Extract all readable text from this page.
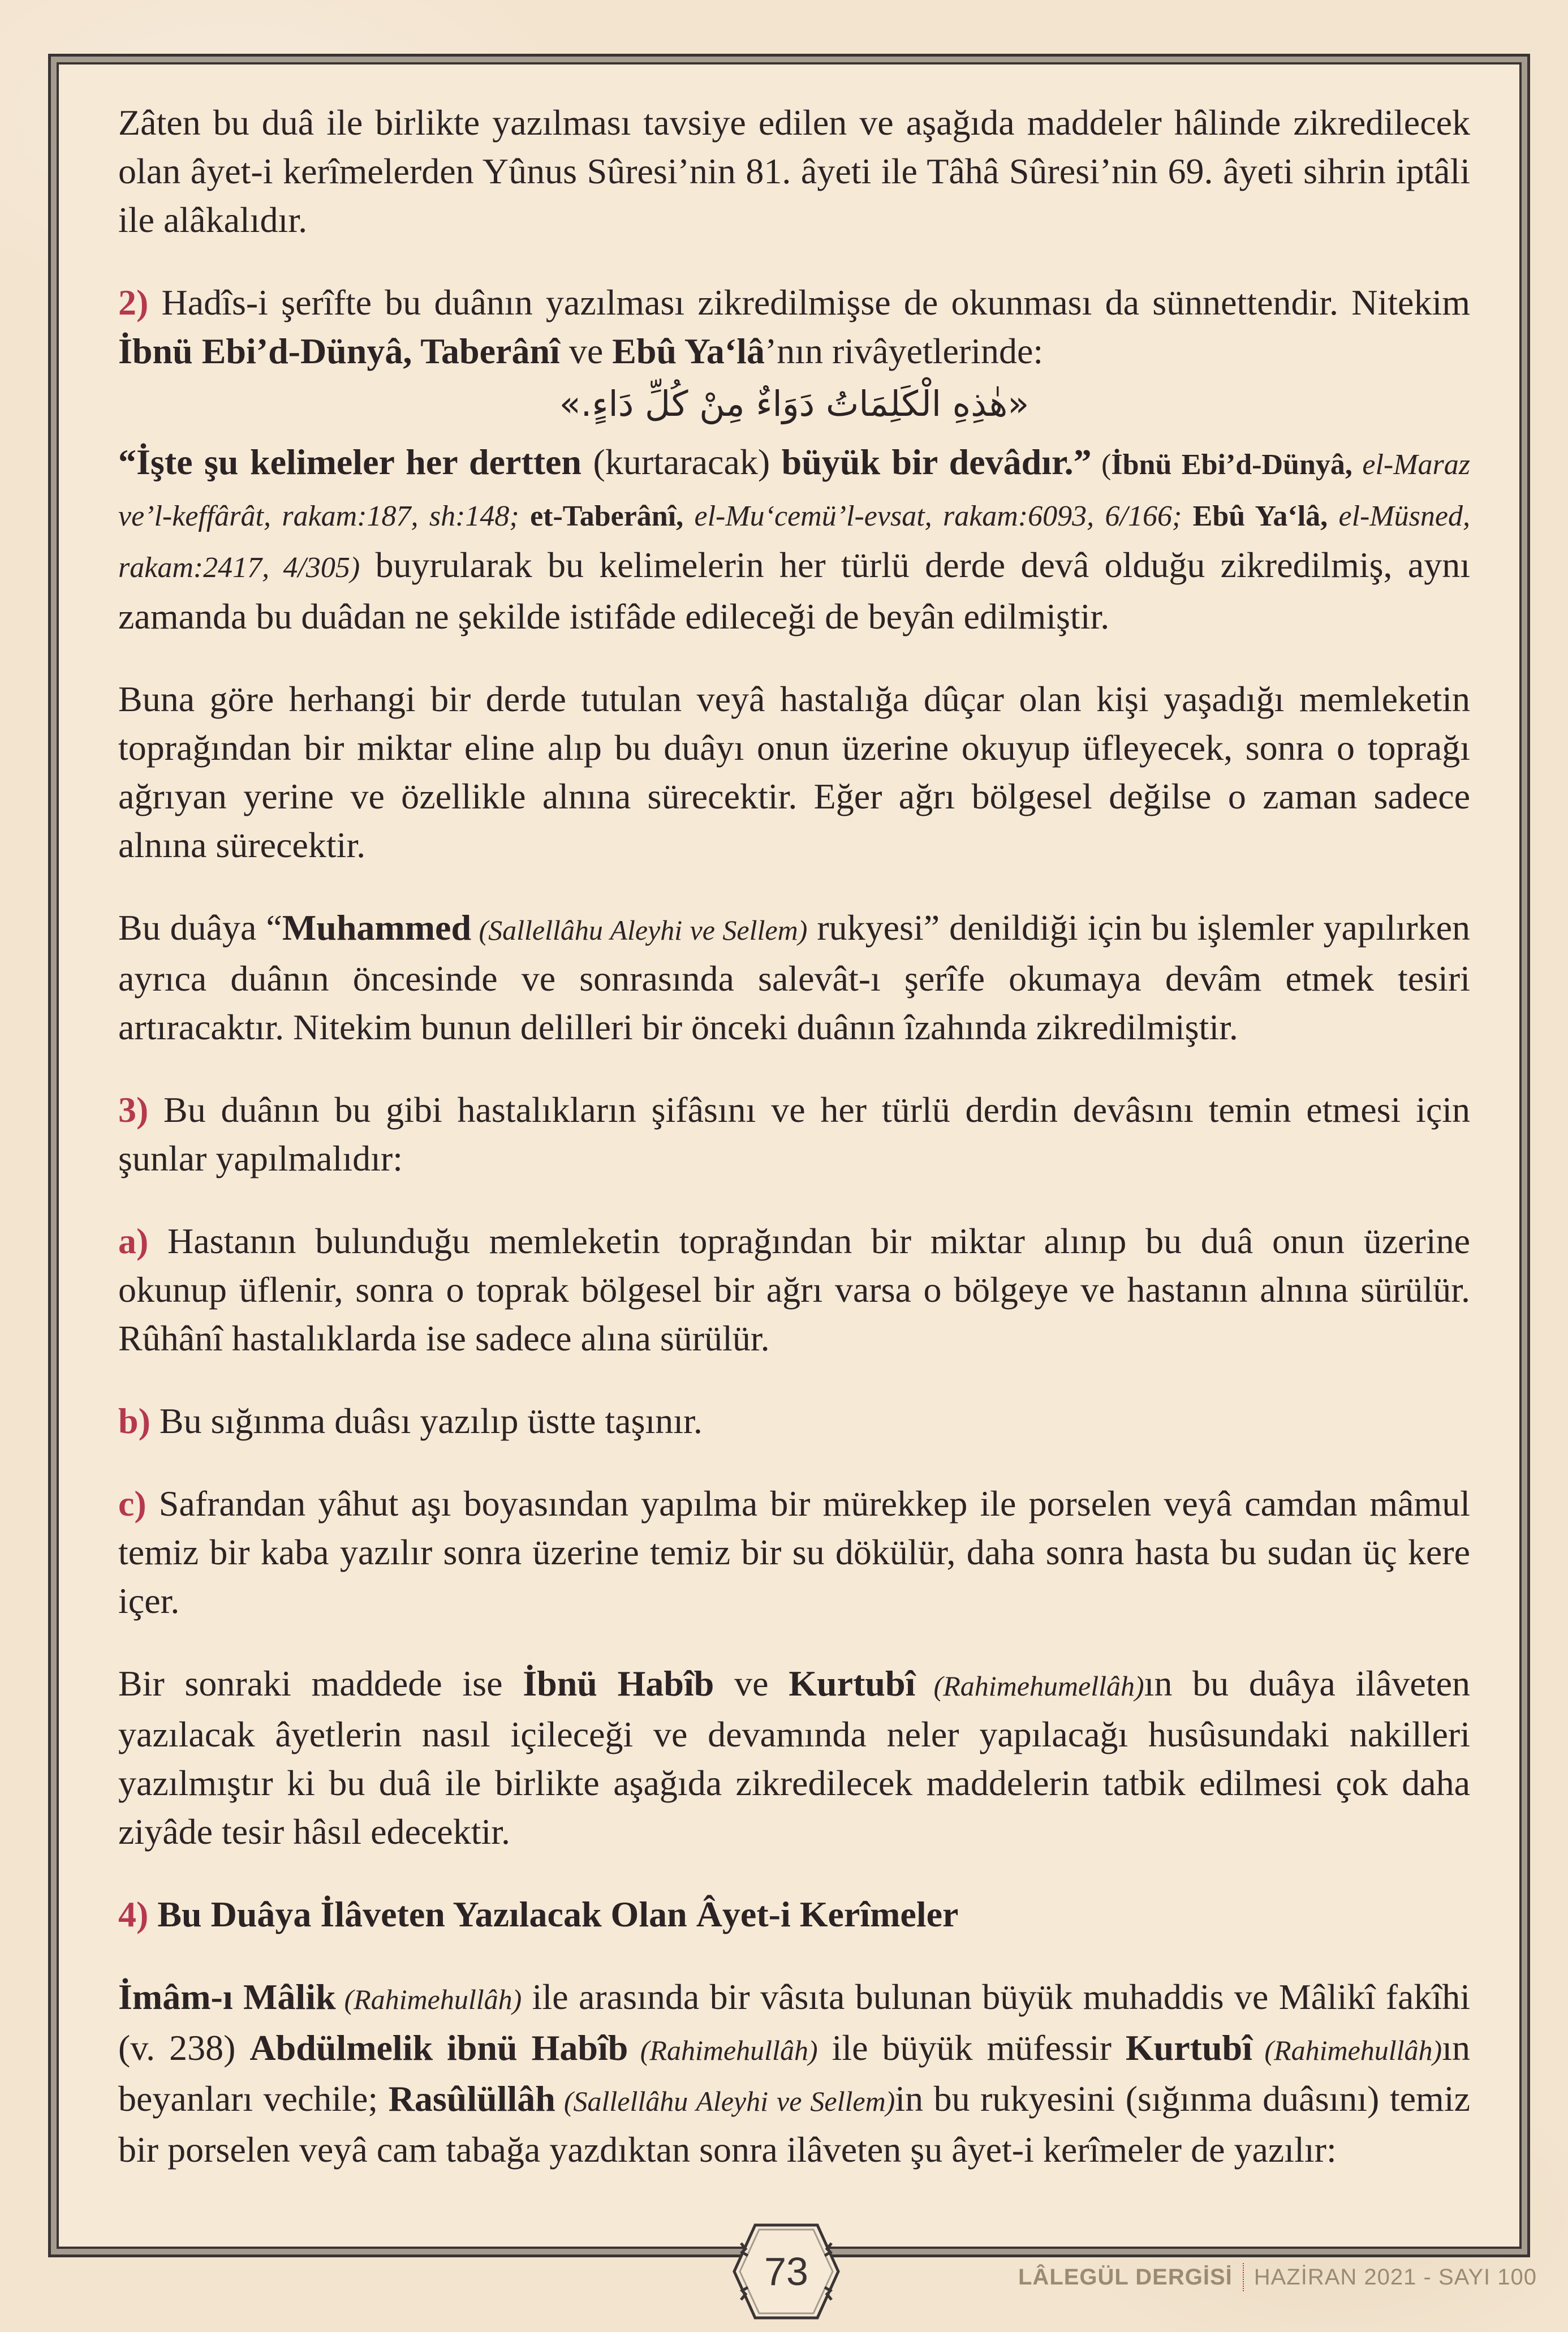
Zâten bu duâ ile birlikte yazılması tavsiye edilen ve aşağıda maddeler hâlinde zikredilecek olan âyet-i kerîmelerden Yûnus Sûresi’nin 81. âyeti ile Tâhâ Sûresi’nin 69. âyeti sihrin iptâli ile alâkalıdır.

2) Hadîs-i şerîfte bu duânın yazılması zikredilmişse de okunması da sünnettendir. Nitekim İbnü Ebi’d-Dünyâ, Taberânî ve Ebû Ya‘lâ’nın rivâyetlerinde:

«هٰذِهِ الْكَلِمَاتُ دَوَاءٌ مِنْ كُلِّ دَاءٍ.»

“İşte şu kelimeler her dertten (kurtaracak) büyük bir devâdır.” (İbnü Ebi’d-Dünyâ, el-Maraz ve’l-keffârât, rakam:187, sh:148; et-Taberânî, el-Mu‘cemü’l-evsat, rakam:6093, 6/166; Ebû Ya‘lâ, el-Müsned, rakam:2417, 4/305) buyrularak bu kelimelerin her türlü derde devâ olduğu zikredilmiş, aynı zamanda bu duâdan ne şekilde istifâde edileceği de beyân edilmiştir.

Buna göre herhangi bir derde tutulan veyâ hastalığa dûçar olan kişi yaşadığı memleketin toprağından bir miktar eline alıp bu duâyı onun üzerine okuyup üfleyecek, sonra o toprağı ağrıyan yerine ve özellikle alnına sürecektir. Eğer ağrı bölgesel değilse o zaman sadece alnına sürecektir.

Bu duâya “Muhammed (Sallellâhu Aleyhi ve Sellem) rukyesi” denildiği için bu işlemler yapılırken ayrıca duânın öncesinde ve sonrasında salevât-ı şerîfe okumaya devâm etmek tesiri artıracaktır. Nitekim bunun delilleri bir önceki duânın îzahında zikredilmiştir.

3) Bu duânın bu gibi hastalıkların şifâsını ve her türlü derdin devâsını temin etmesi için şunlar yapılmalıdır:

a) Hastanın bulunduğu memleketin toprağından bir miktar alınıp bu duâ onun üzerine okunup üflenir, sonra o toprak bölgesel bir ağrı varsa o bölgeye ve hastanın alnına sürülür. Rûhânî hastalıklarda ise sadece alına sürülür.

b) Bu sığınma duâsı yazılıp üstte taşınır.

c) Safrandan yâhut aşı boyasından yapılma bir mürekkep ile porselen veyâ camdan mâmul temiz bir kaba yazılır sonra üzerine temiz bir su dökülür, daha sonra hasta bu sudan üç kere içer.

Bir sonraki maddede ise İbnü Habîb ve Kurtubî (Rahimehumellâh)ın bu duâya ilâveten yazılacak âyetlerin nasıl içileceği ve devamında neler yapılacağı husûsundaki nakilleri yazılmıştır ki bu duâ ile birlikte aşağıda zikredilecek maddelerin tatbik edilmesi çok daha ziyâde tesir hâsıl edecektir.

4) Bu Duâya İlâveten Yazılacak Olan Âyet-i Kerîmeler

İmâm-ı Mâlik (Rahimehullâh) ile arasında bir vâsıta bulunan büyük muhaddis ve Mâlikî fakîhi (v. 238) Abdülmelik ibnü Habîb (Rahimehullâh) ile büyük müfessir Kurtubî (Rahimehullâh)ın beyanları vechile; Rasûlüllâh (Sallellâhu Aleyhi ve Sellem)in bu rukyesini (sığınma duâsını) temiz bir porselen veyâ cam tabağa yazdıktan sonra ilâveten şu âyet-i kerîmeler de yazılır:

73	LÂLEGÜL DERGİSİ HAZİRAN 2021 - SAYI 100
